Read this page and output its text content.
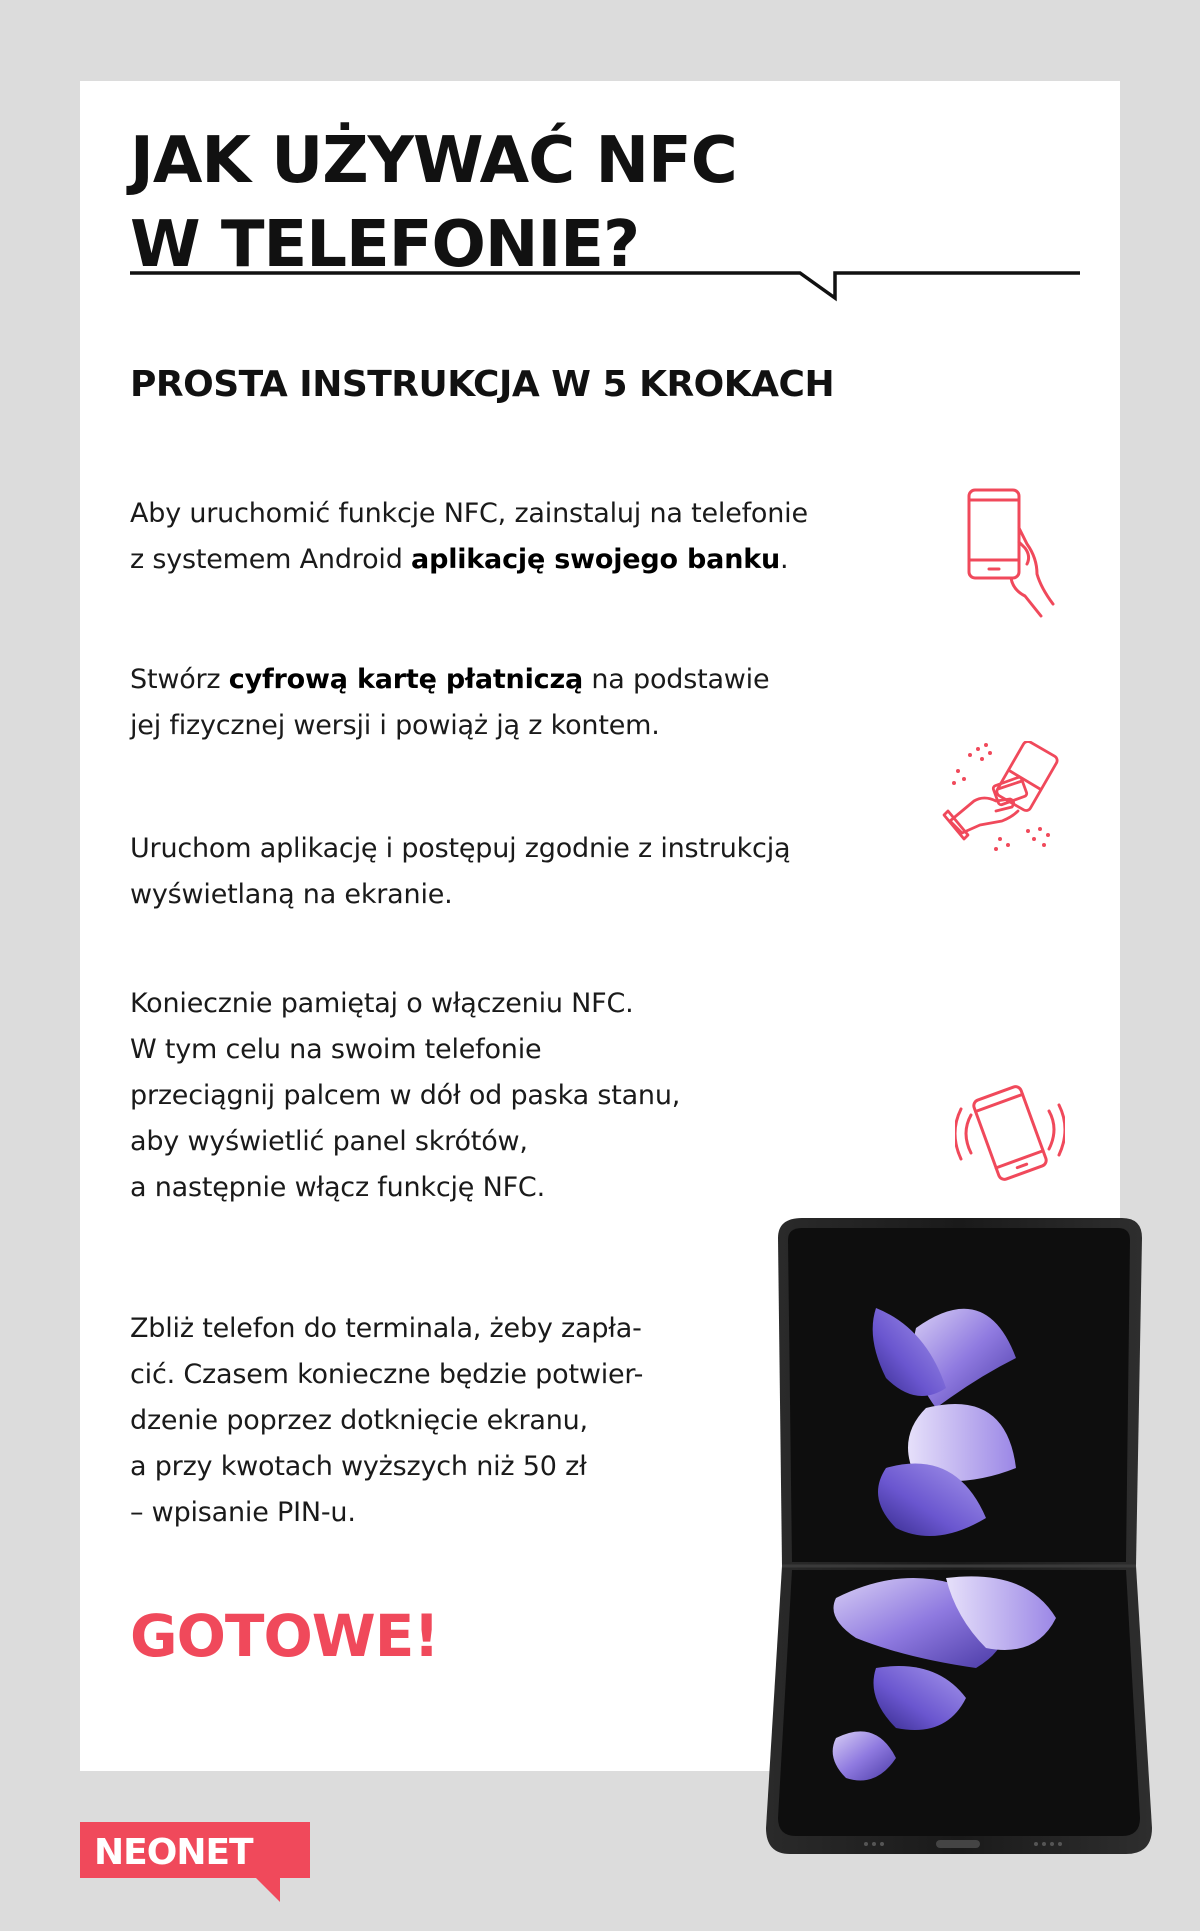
JAK UŻYWAĆ NFC
W TELEFONIE?
PROSTA INSTRUKCJA W 5 KROKACH

Aby uruchomić funkcje NFC, zainstaluj na telefonie

z systemem Android aplikację swojego banku.

Stwórz cyfrową kartę płatniczą na podstawie

jej fizycznej wersji i powiąż ją z kontem.

Uruchom aplikację i postępuj zgodnie z instrukcją

wyświetlaną na ekranie.

Koniecznie pamiętaj o włączeniu NFC.

W tym celu na swoim telefonie

przeciągnij palcem w dół od paska stanu,

aby wyświetlić panel skrótów,

a następnie włącz funkcję NFC.

Zbliż telefon do terminala, żeby zapła-

cić. Czasem konieczne będzie potwier-

dzenie poprzez dotknięcie ekranu,

a przy kwotach wyższych niż 50 zł

– wpisanie PIN-u.

GOTOWE!
NEONET
